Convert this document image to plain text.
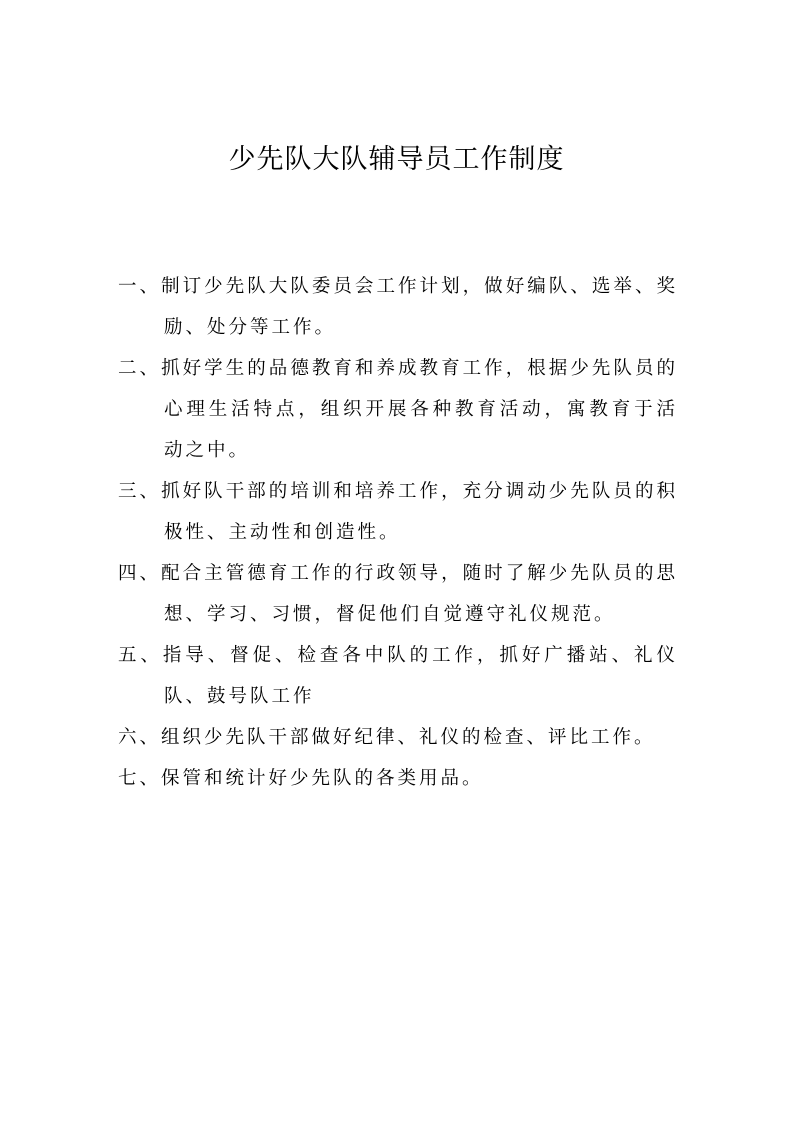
少先队大队辅导员工作制度
一、制订少先队大队委员会工作计划，做好编队、选举、奖励、处分等工作。
二、抓好学生的品德教育和养成教育工作，根据少先队员的心理生活特点，组织开展各种教育活动，寓教育于活动之中。
三、抓好队干部的培训和培养工作，充分调动少先队员的积极性、主动性和创造性。
四、配合主管德育工作的行政领导，随时了解少先队员的思想、学习、习惯，督促他们自觉遵守礼仪规范。
五、指导、督促、检查各中队的工作，抓好广播站、礼仪队、鼓号队工作
六、组织少先队干部做好纪律、礼仪的检查、评比工作。
七、保管和统计好少先队的各类用品。
